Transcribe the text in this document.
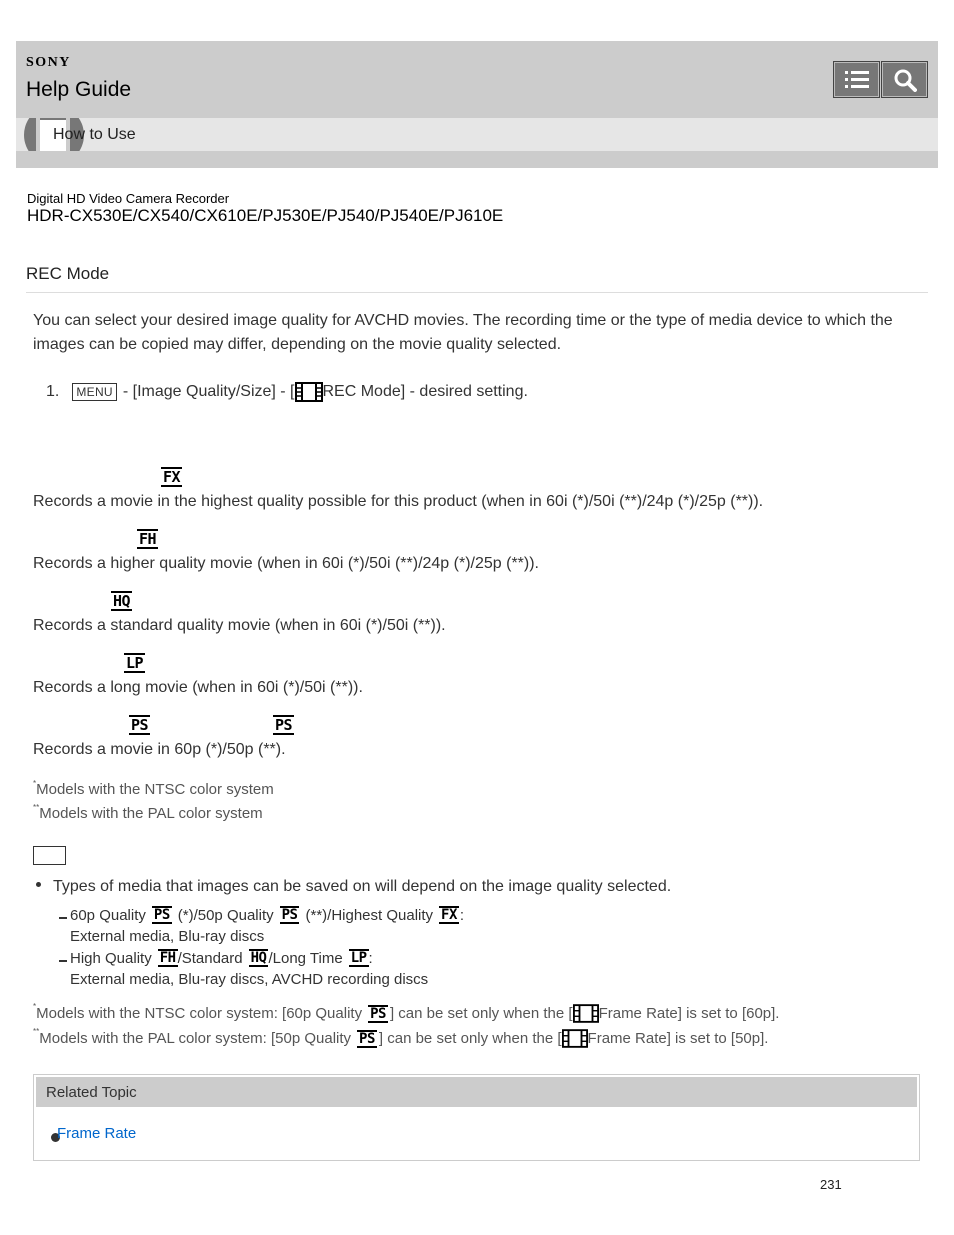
SONY
Help Guide
How to Use
Digital HD Video Camera Recorder
HDR-CX530E/CX540/CX610E/PJ530E/PJ540/PJ540E/PJ610E
REC Mode
You can select your desired image quality for AVCHD movies. The recording time or the type of media device to which the images can be copied may differ, depending on the movie quality selected.
1.	MENU - [Image Quality/Size] - [ REC Mode] - desired setting.
FX
Records a movie in the highest quality possible for this product (when in 60i (*)/50i (**)/24p (*)/25p (**)).
FH
Records a higher quality movie (when in 60i (*)/50i (**)/24p (*)/25p (**)).
HQ
Records a standard quality movie (when in 60i (*)/50i (**)).
LP
Records a long movie (when in 60i (*)/50i (**)).
PS	PS
Records a movie in 60p (*)/50p (**).
*Models with the NTSC color system
**Models with the PAL color system
Types of media that images can be saved on will depend on the image quality selected.
60p Quality PS (*)/50p Quality PS (**)/Highest Quality FX :
External media, Blu-ray discs
High Quality FH /Standard HQ /Long Time LP :
External media, Blu-ray discs, AVCHD recording discs
* Models with the NTSC color system: [60p Quality PS ] can be set only when the [ Frame Rate] is set to [60p].
** Models with the PAL color system: [50p Quality PS ] can be set only when the [ Frame Rate] is set to [50p].
Related Topic
Frame Rate
231
